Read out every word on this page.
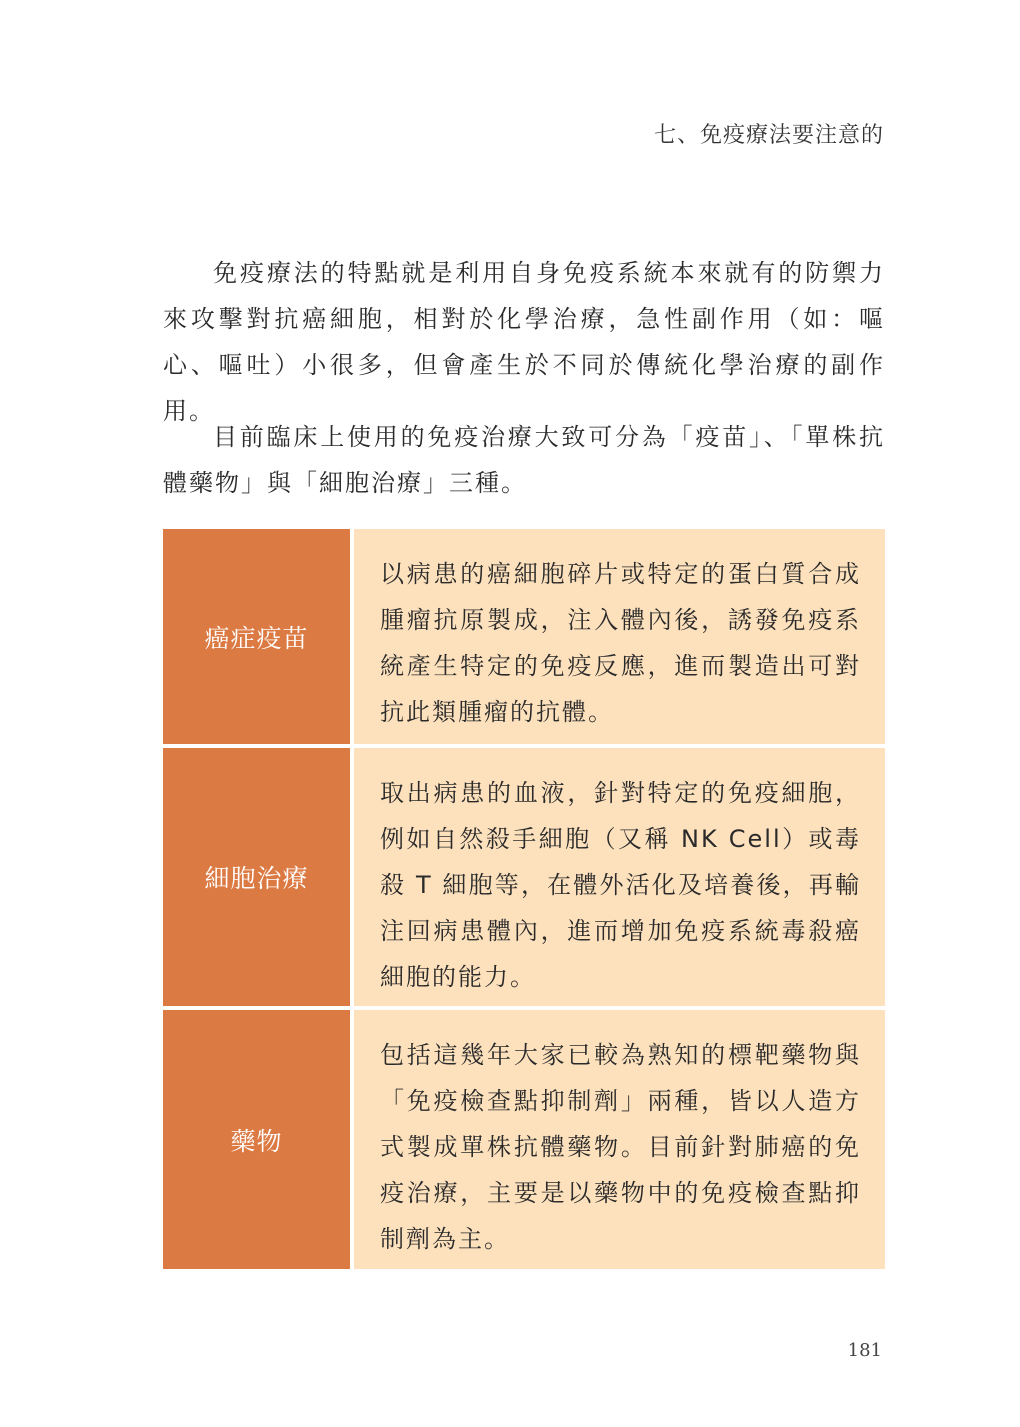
七、免疫療法要注意的

免疫療法的特點就是利用自身免疫系統本來就有的防禦力來攻擊對抗癌細胞，相對於化學治療，急性副作用（如：嘔心、嘔吐）小很多，但會產生於不同於傳統化學治療的副作用。

目前臨床上使用的免疫治療大致可分為「疫苗」、「單株抗體藥物」與「細胞治療」三種。

癌症疫苗
以病患的癌細胞碎片或特定的蛋白質合成腫瘤抗原製成，注入體內後，誘發免疫系統產生特定的免疫反應，進而製造出可對抗此類腫瘤的抗體。
細胞治療
取出病患的血液，針對特定的免疫細胞，例如自然殺手細胞（又稱 NK Cell）或毒殺 T 細胞等，在體外活化及培養後，再輸注回病患體內，進而增加免疫系統毒殺癌細胞的能力。
藥物
包括這幾年大家已較為熟知的標靶藥物與「免疫檢查點抑制劑」兩種，皆以人造方式製成單株抗體藥物。目前針對肺癌的免疫治療，主要是以藥物中的免疫檢查點抑制劑為主。
181
